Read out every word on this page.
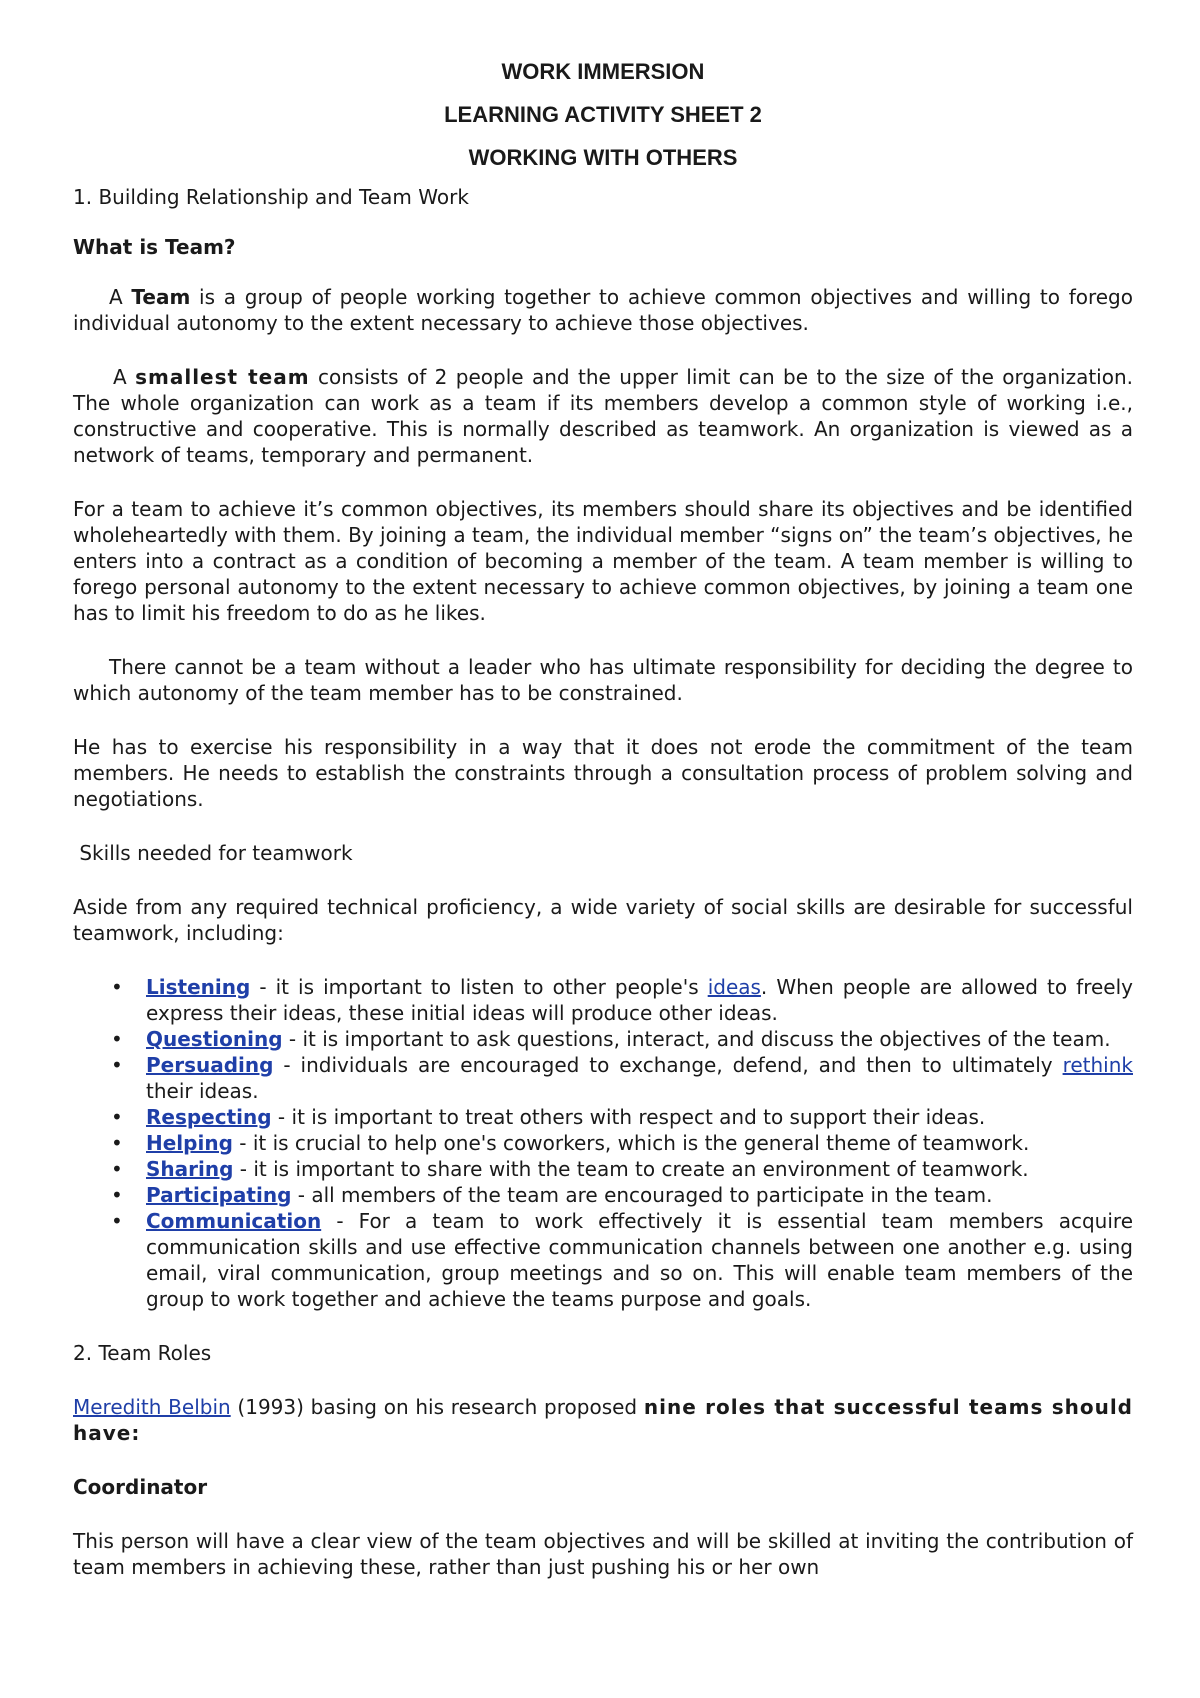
WORK IMMERSION

LEARNING ACTIVITY SHEET 2

WORKING WITH OTHERS

1. Building Relationship and Team Work

What is Team?

A Team is a group of people working together to achieve common objectives and willing to forego individual autonomy to the extent necessary to achieve those objectives.

A smallest team consists of 2 people and the upper limit can be to the size of the organization. The whole organization can work as a team if its members develop a common style of working i.e., constructive and cooperative. This is normally described as teamwork. An organization is viewed as a network of teams, temporary and permanent.

For a team to achieve it’s common objectives, its members should share its objectives and be identified wholeheartedly with them. By joining a team, the individual member “signs on” the team’s objectives, he enters into a contract as a condition of becoming a member of the team. A team member is willing to forego personal autonomy to the extent necessary to achieve common objectives, by joining a team one has to limit his freedom to do as he likes.

There cannot be a team without a leader who has ultimate responsibility for deciding the degree to which autonomy of the team member has to be constrained.

He has to exercise his responsibility in a way that it does not erode the commitment of the team members. He needs to establish the constraints through a consultation process of problem solving and negotiations.

Skills needed for teamwork

Aside from any required technical proficiency, a wide variety of social skills are desirable for successful teamwork, including:

• Listening - it is important to listen to other people's ideas. When people are allowed to freely express their ideas, these initial ideas will produce other ideas.
• Questioning - it is important to ask questions, interact, and discuss the objectives of the team.
• Persuading - individuals are encouraged to exchange, defend, and then to ultimately rethink their ideas.
• Respecting - it is important to treat others with respect and to support their ideas.
• Helping - it is crucial to help one's coworkers, which is the general theme of teamwork.
• Sharing - it is important to share with the team to create an environment of teamwork.
• Participating - all members of the team are encouraged to participate in the team.
• Communication - For a team to work effectively it is essential team members acquire communication skills and use effective communication channels between one another e.g. using email, viral communication, group meetings and so on. This will enable team members of the group to work together and achieve the teams purpose and goals.

2. Team Roles

Meredith Belbin (1993) basing on his research proposed nine roles that successful teams should have:

Coordinator

This person will have a clear view of the team objectives and will be skilled at inviting the contribution of team members in achieving these, rather than just pushing his or her own
